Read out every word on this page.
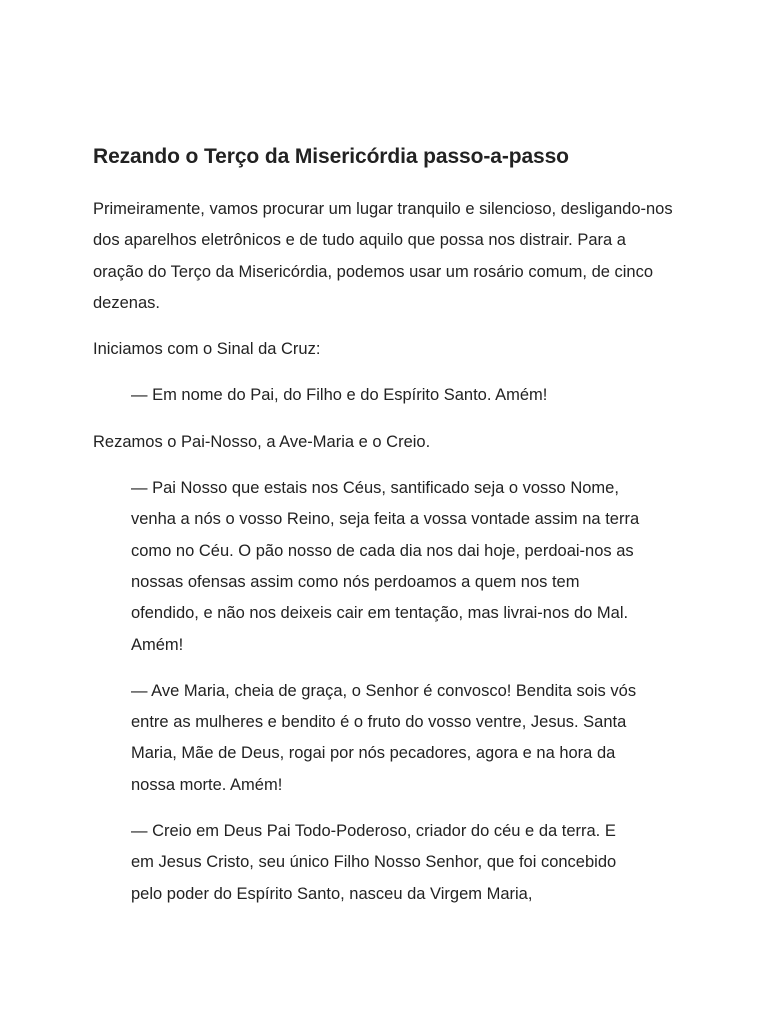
Rezando o Terço da Misericórdia passo-a-passo

Primeiramente, vamos procurar um lugar tranquilo e silencioso, desligando-nos dos aparelhos eletrônicos e de tudo aquilo que possa nos distrair. Para a oração do Terço da Misericórdia, podemos usar um rosário comum, de cinco dezenas.

Iniciamos com o Sinal da Cruz:

— Em nome do Pai, do Filho e do Espírito Santo. Amém!

Rezamos o Pai-Nosso, a Ave-Maria e o Creio.

— Pai Nosso que estais nos Céus, santificado seja o vosso Nome, venha a nós o vosso Reino, seja feita a vossa vontade assim na terra como no Céu. O pão nosso de cada dia nos dai hoje, perdoai-nos as nossas ofensas assim como nós perdoamos a quem nos tem ofendido, e não nos deixeis cair em tentação, mas livrai-nos do Mal. Amém!

— Ave Maria, cheia de graça, o Senhor é convosco! Bendita sois vós entre as mulheres e bendito é o fruto do vosso ventre, Jesus. Santa Maria, Mãe de Deus, rogai por nós pecadores, agora e na hora da nossa morte. Amém!

— Creio em Deus Pai Todo-Poderoso, criador do céu e da terra. E em Jesus Cristo, seu único Filho Nosso Senhor, que foi concebido pelo poder do Espírito Santo, nasceu da Virgem Maria,
